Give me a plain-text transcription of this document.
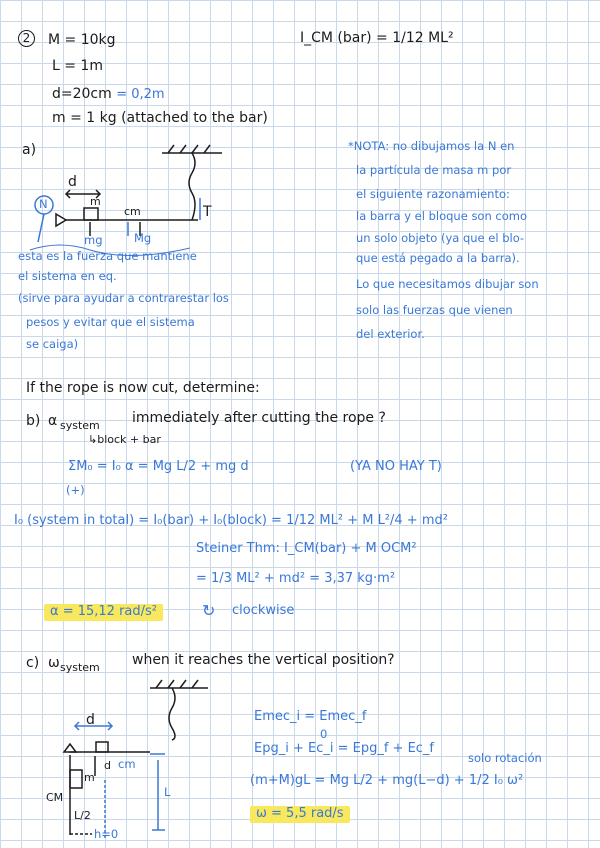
2	M = 10kg
L = 1m
d=20cm = 0,2m
m = 1 kg (attached to the bar)
I_CM (bar) = 1/12 ML²
a)
d
N	m
cm	T
mg	Mg
*NOTA: no dibujamos la N en
la partícula de masa m por
el siguiente razonamiento:
la barra y el bloque son como
un solo objeto (ya que el blo-
que está pegado a la barra).
Lo que necesitamos dibujar son
solo las fuerzas que vienen
del exterior.
esta es la fuerza que mantiene
el sistema en eq.
(sirve para ayudar a contrarestar los
pesos y evitar que el sistema
se caiga)
If the rope is now cut, determine:
b) α system immediately after cutting the rope ?
↳block + bar
ΣM₀ = I₀ α = Mg L/2 + mg d	(YA NO HAY T)
(+)
I₀ (system in total) = I₀(bar) + I₀(block) = 1/12 ML² + M L²/4 + md²
Steiner Thm: I_CM(bar) + M OCM²
= 1/3 ML² + md² = 3,37 kg·m²
α = 15,12 rad/s²	↻ clockwise
c) ω system when it reaches the vertical position?
d
d
m
cm
CM	L
L/2
h=0
Emec_i = Emec_f
0
Epg_i + Ec_i = Epg_f + Ec_f
solo rotación
(m+M)gL = Mg L/2 + mg(L−d) + 1/2 I₀ ω²
ω = 5,5 rad/s
